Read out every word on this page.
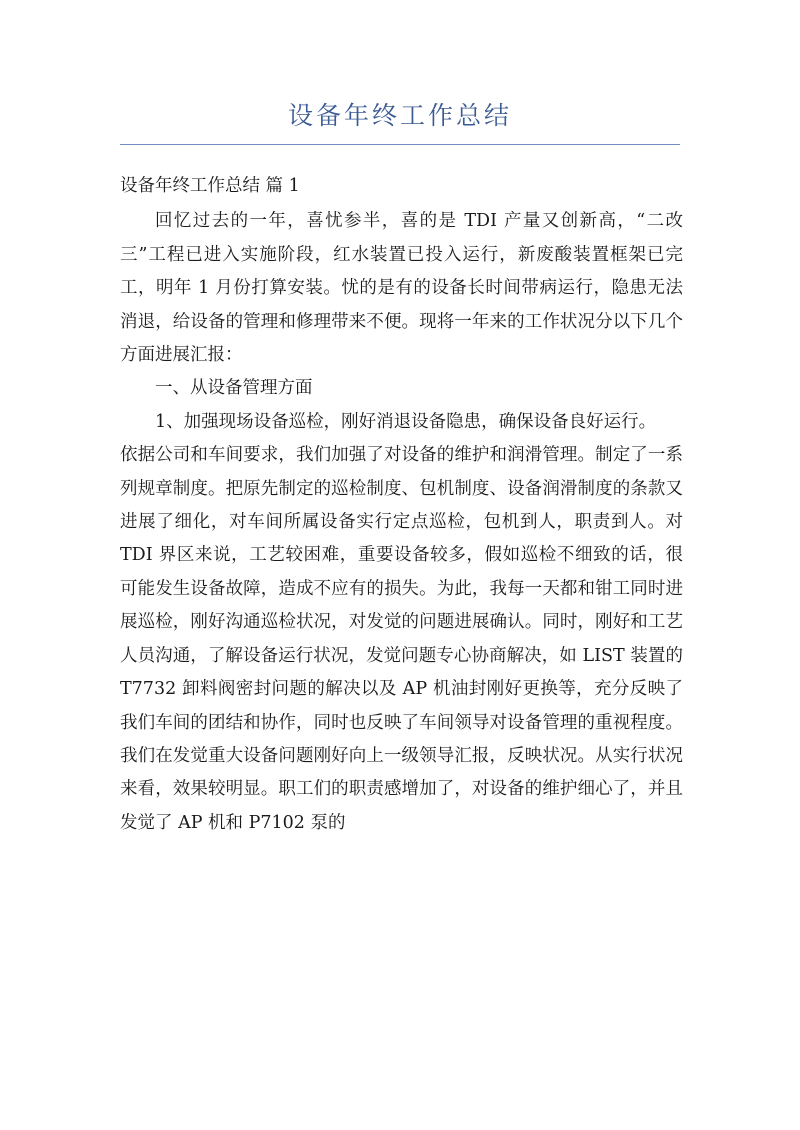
设备年终工作总结

设备年终工作总结 篇 1

回忆过去的一年，喜忧参半，喜的是 TDI 产量又创新高，“二改三”工程已进入实施阶段，红水装置已投入运行，新废酸装置框架已完工，明年 1 月份打算安装。忧的是有的设备长时间带病运行，隐患无法消退，给设备的管理和修理带来不便。现将一年来的工作状况分以下几个方面进展汇报：

一、从设备管理方面

1、加强现场设备巡检，刚好消退设备隐患，确保设备良好运行。

依据公司和车间要求，我们加强了对设备的维护和润滑管理。制定了一系列规章制度。把原先制定的巡检制度、包机制度、设备润滑制度的条款又进展了细化，对车间所属设备实行定点巡检，包机到人，职责到人。对 TDI 界区来说，工艺较困难，重要设备较多，假如巡检不细致的话，很可能发生设备故障，造成不应有的损失。为此，我每一天都和钳工同时进展巡检，刚好沟通巡检状况，对发觉的问题进展确认。同时，刚好和工艺人员沟通，了解设备运行状况，发觉问题专心协商解决，如 LIST 装置的 T7732 卸料阀密封问题的解决以及 AP 机油封刚好更换等，充分反映了我们车间的团结和协作，同时也反映了车间领导对设备管理的重视程度。我们在发觉重大设备问题刚好向上一级领导汇报，反映状况。从实行状况来看，效果较明显。职工们的职责感增加了，对设备的维护细心了，并且发觉了 AP 机和 P7102 泵的
